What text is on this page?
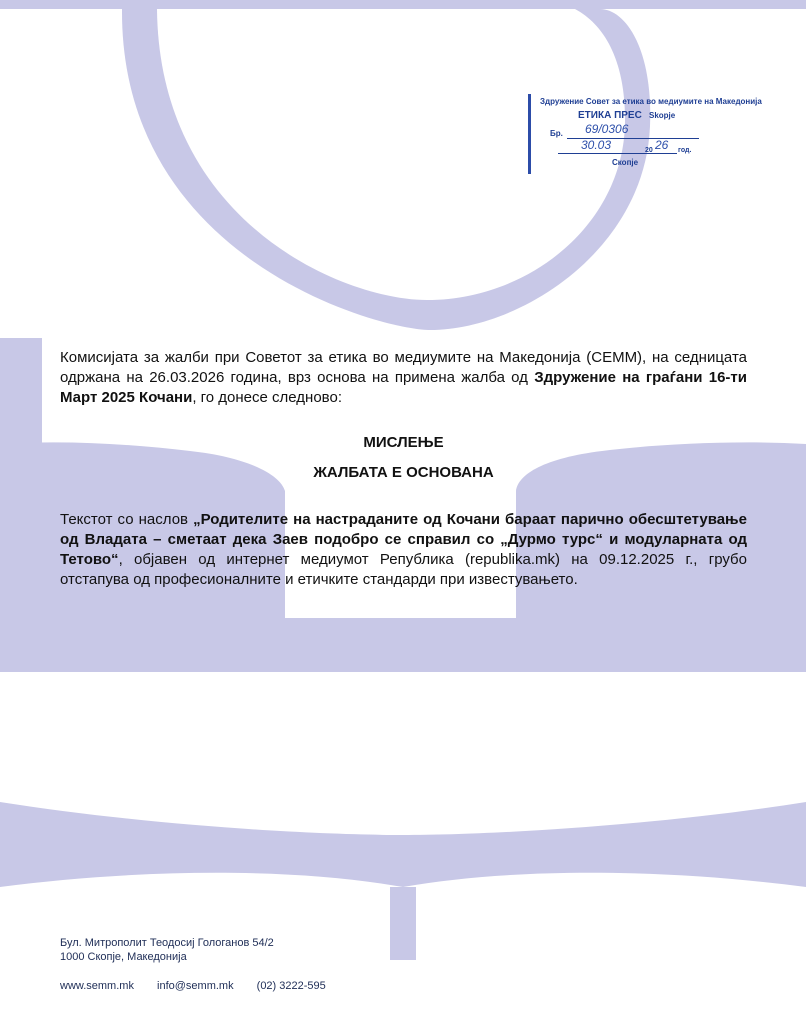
Здружение Совет за етика во медиумите на Македонија
ЕТИКА ПРЕС Skopje
Бр. 69/0306
30.03	20 26 год.
Скопје

Комисијата за жалби при Советот за етика во медиумите на Македонија (СЕММ), на седницата одржана на 26.03.2026 година, врз основа на примена жалба од Здружение на граѓани 16-ти Март 2025 Кочани, го донесе следново:

МИСЛЕЊЕ
ЖАЛБАТА Е ОСНОВАНА

Текстот со наслов „Родителите на настраданите од Кочани бараат парично обесштетување од Владата – сметаат дека Заев подобро се справил со „Дурмо турс“ и модуларната од Тетово“, објавен од интернет медиумот Република (republika.mk) на 09.12.2025 г., грубо отстапува од професионалните и етичките стандарди при известувањето.

Бул. Митрополит Теодосиј Гологанов 54/2
1000 Скопје, Македонија
www.semm.mk info@semm.mk (02) 3222-595
